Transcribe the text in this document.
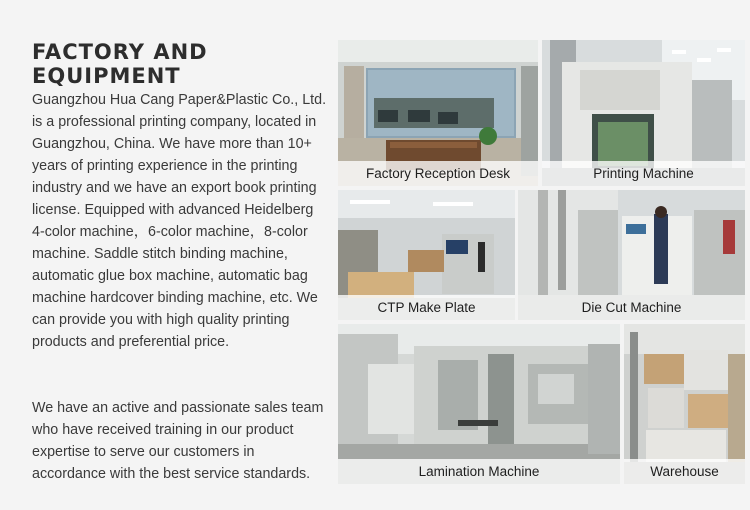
FACTORY AND EQUIPMENT

Guangzhou Hua Cang Paper&Plastic Co., Ltd. is a professional printing company, located in Guangzhou, China. We have more than 10+ years of printing experience in the printing industry and we have an export book printing license. Equipped with advanced Heidelberg 4-color machine，6-color machine，8-color machine. Saddle stitch binding machine, automatic glue box machine, automatic bag machine hardcover binding machine, etc. We can provide you with high quality printing products and preferential price.

We have an active and passionate sales team who have received training in our product expertise to serve our customers in accordance with the best service standards.

Factory Reception Desk	Printing Machine
CTP Make Plate	Die Cut Machine
Lamination Machine	Warehouse
